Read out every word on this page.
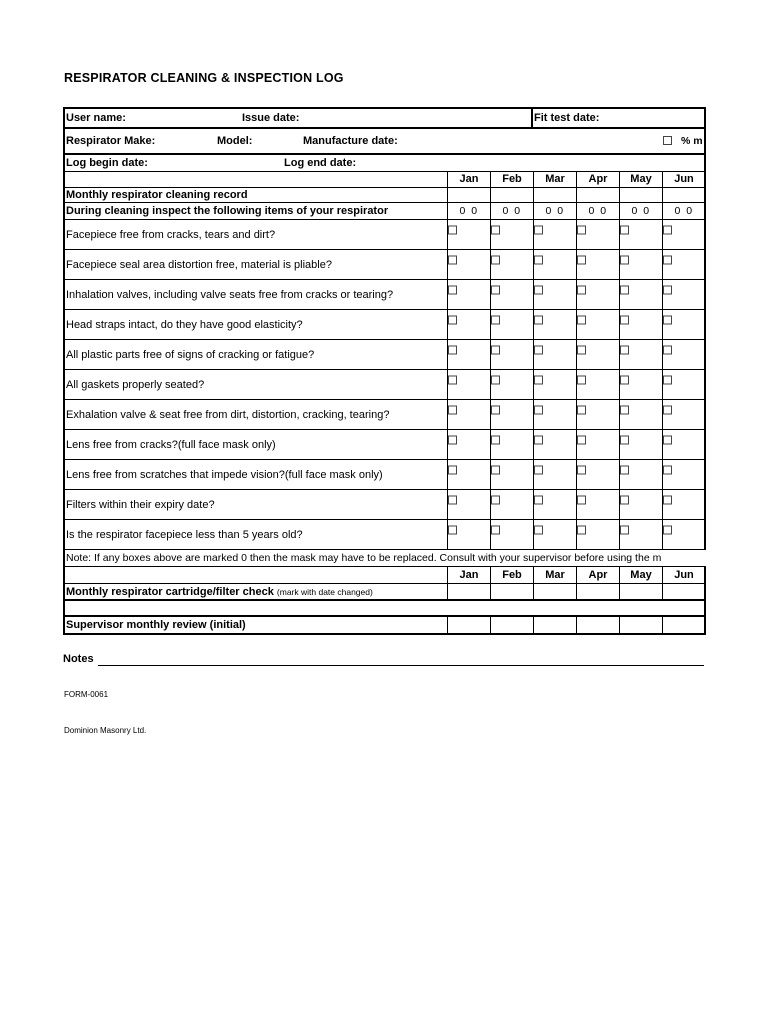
RESPIRATOR CLEANING & INSPECTION LOG
User name:	Issue date:	Fit test date:
Respirator Make:	Model:	Manufacture date:	% m
Log begin date:	Log end date:
Jan	Feb	Mar	Apr	May	Jun
Monthly respirator cleaning record
During cleaning inspect the following items of your respirator	0 0	0 0	0 0	0 0	0 0	0 0
Facepiece free from cracks, tears and dirt?
Facepiece seal area distortion free, material is pliable?
Inhalation valves, including valve seats free from cracks or tearing?
Head straps intact, do they have good elasticity?
All plastic parts free of signs of cracking or fatigue?
All gaskets properly seated?
Exhalation valve & seat free from dirt, distortion, cracking, tearing?
Lens free from cracks?(full face mask only)
Lens free from scratches that impede vision?(full face mask only)
Filters within their expiry date?
Is the respirator facepiece less than 5 years old?
Note: If any boxes above are marked 0 then the mask may have to be replaced. Consult with your supervisor before using the m
Jan	Feb	Mar	Apr	May	Jun
Monthly respirator cartridge/filter check (mark with date changed)
Supervisor monthly review (initial)
Notes
FORM-0061
Dominion Masonry Ltd.
